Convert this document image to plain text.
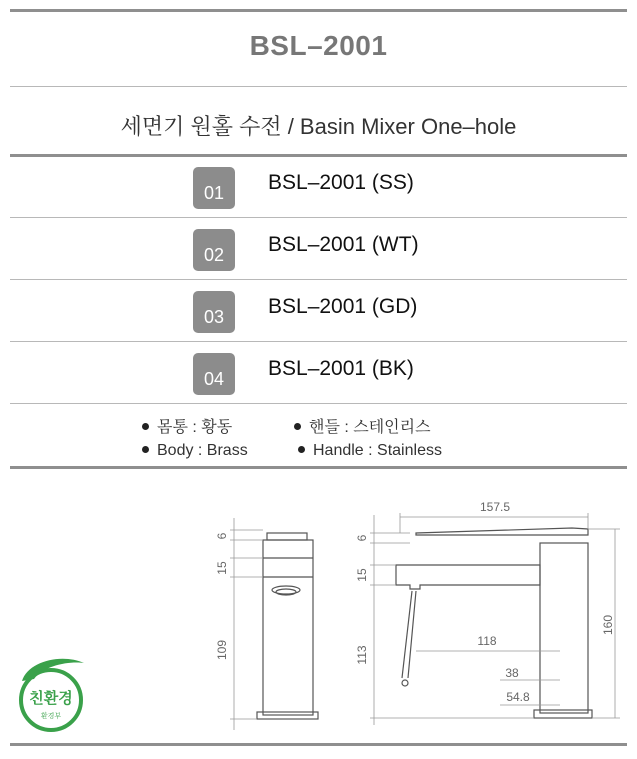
BSL–2001
세면기 원홀 수전 / Basin Mixer One–hole
01	BSL–2001 (SS)
02	BSL–2001 (WT)
03	BSL–2001 (GD)
04	BSL–2001 (BK)
몸통 : 황동	핸들 : 스테인리스
Body : Brass	Handle : Stainless
친환경
환경부
6
15
109
157.5
6
15
113
160
118
38
54.8
